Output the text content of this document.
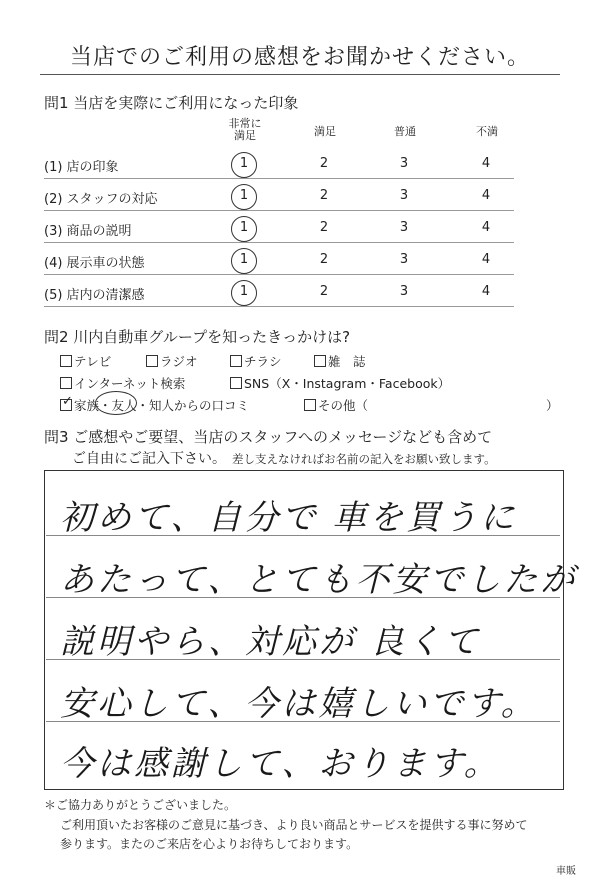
当店でのご利用の感想をお聞かせください。
問1 当店を実際にご利用になった印象
非常に
満足	満足	普通	不満
(1) 店の印象	1	2	3	4
(2) スタッフの対応	1	2	3	4
(3) 商品の説明	1	2	3	4
(4) 展示車の状態	1	2	3	4
(5) 店内の清潔感	1	2	3	4
問2 川内自動車グループを知ったきっかけは?
テレビ	ラジオ	チラシ	雑　誌
インターネット検索	SNS（X・Instagram・Facebook）
✓ 家族・友人・知人からの口コミ	その他（	）
問3 ご感想やご要望、当店のスタッフへのメッセージなども含めて
ご自由にご記入下さい。 差し支えなければお名前の記入をお願い致します。
初めて、自分で 車を買うに
あたって、とても不安でしたが
説明やら、対応が 良くて
安心して、今は嬉しいです。
今は感謝して、おります。
＊ご協力ありがとうございました。
ご利用頂いたお客様のご意見に基づき、より良い商品とサービスを提供する事に努めて
参ります。またのご来店を心よりお待ちしております。
車販
